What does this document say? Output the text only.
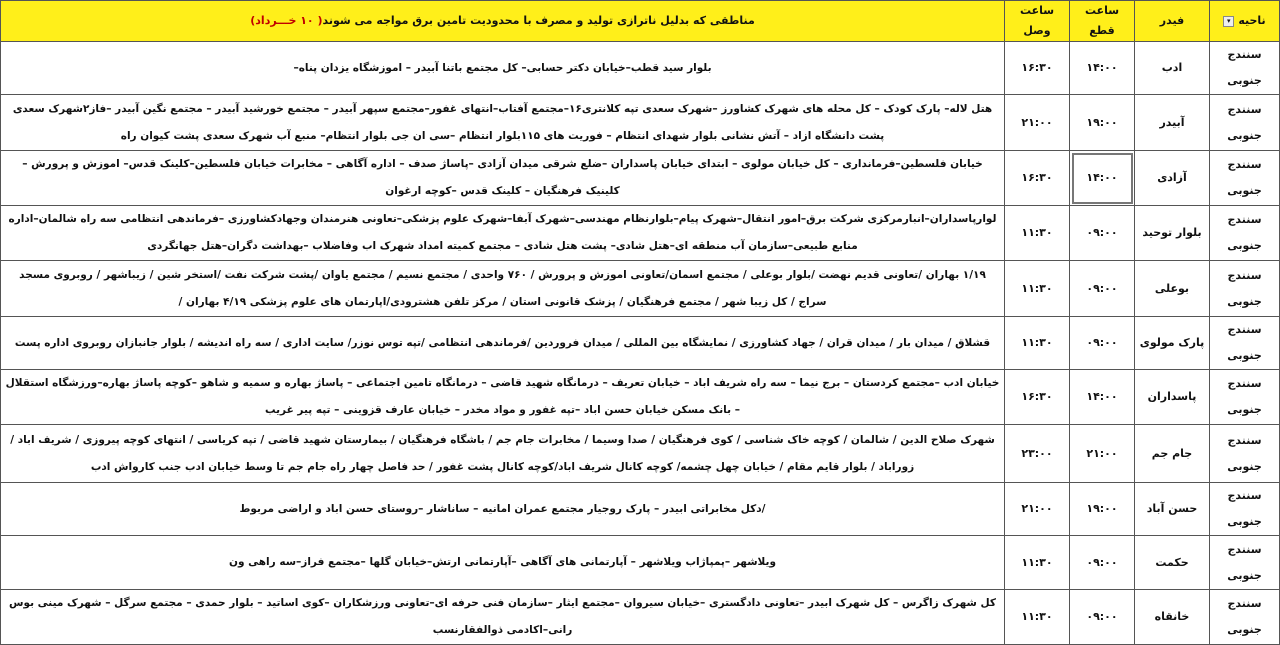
ناحیه▾	فیدر	ساعت قطع	ساعت وصل	مناطقی که بدلیل ناترازی تولید و مصرف با محدودیت تامین برق مواجه می شوند( ۱۰ خـــرداد)
سنندج جنوبی	ادب	۱۴:۰۰	۱۶:۳۰	بلوار سید قطب–خیابان دکتر حسابی– کل مجتمع باتنا آبیدر – اموزشگاه یزدان پناه–
سنندج جنوبی	آبیدر	۱۹:۰۰	۲۱:۰۰	هتل لاله– پارک کودک – کل محله های شهرک کشاورز –شهرک سعدی تپه کلانتری۱۶–مجتمع آفتاب–انتهای غفور–مجتمع سپهر آبیدر – مجتمع خورشید آبیدر – مجتمع نگین آبیدر –فاز۲شهرک سعدی پشت دانشگاه ازاد – آتش نشانی بلوار شهدای انتظام – فوریت های ۱۱۵بلوار انتظام –سی ان جی بلوار انتظام– منبع آب شهرک سعدی پشت کیوان راه
سنندج جنوبی	آزادی	۱۴:۰۰	۱۶:۳۰	خیابان فلسطین–فرمانداری – کل خیابان مولوی – ابتدای خیابان پاسداران –ضلع شرقی میدان آزادی –پاساژ صدف – اداره آگاهی – مخابرات خیابان فلسطین–کلینک قدس– اموزش و پرورش – کلینیک فرهنگیان – کلینک قدس –کوچه ارغوان
سنندج جنوبی	بلوار توحید	۰۹:۰۰	۱۱:۳۰	لوارپاسداران–انبارمرکزی شرکت برق–امور انتقال–شهرک پیام–بلوارنظام مهندسی–شهرک آبفا–شهرک علوم پزشکی–تعاونی هنرمندان وجهادکشاورزی –فرماندهی انتظامی سه راه شالمان–اداره منابع طبیعی–سازمان آب منطقه ای–هتل شادی– پشت هتل شادی – مجتمع کمیته امداد شهرک اب وفاضلاب –بهداشت دگران–هتل جهانگردی
سنندج جنوبی	بوعلی	۰۹:۰۰	۱۱:۳۰	۱/۱۹ بهاران /تعاونی قدیم نهضت /بلوار بوعلی / مجتمع اسمان/تعاونی اموزش و پرورش / ۷۶۰ واحدی / مجتمع نسیم / مجتمع یاوان /پشت شرکت نفت /استخر شین / زیباشهر / روبروی مسجد سراج / کل زیبا شهر / مجتمع فرهنگیان / پزشک قانونی استان / مرکز تلفن هشترودی/اپارتمان های علوم پزشکی ۴/۱۹ بهاران /
سنندج جنوبی	پارک مولوی	۰۹:۰۰	۱۱:۳۰	قشلاق / میدان بار / میدان قران / جهاد کشاورزی / نمایشگاه بین المللی / میدان فروردین /فرماندهی انتظامی /تپه توس نوزر/ سایت اداری / سه راه اندیشه / بلوار جانبازان روبروی اداره پست
سنندج جنوبی	پاسداران	۱۴:۰۰	۱۶:۳۰	خیابان ادب –مجتمع کردستان – برج نیما – سه راه شریف اباد – خیابان تعریف – درمانگاه شهید قاضی – درمانگاه تامین اجتماعی – پاساژ بهاره و سمیه و شاهو –کوچه پاساژ بهاره–ورزشگاه استقلال – بانک مسکن خیابان حسن اباد –تپه غفور و مواد مخدر – خیابان عارف قزوینی – تپه پیر غریب
سنندج جنوبی	جام جم	۲۱:۰۰	۲۳:۰۰	شهرک صلاح الدین / شالمان / کوچه خاک شناسی / کوی فرهنگیان / صدا وسیما / مخابرات جام جم / باشگاه فرهنگیان / بیمارستان شهید قاضی / تپه کریاسی / انتهای کوچه پیروزی / شریف اباد / زوراباد / بلوار قایم مقام / خیابان چهل چشمه/ کوچه کانال شریف اباد/کوچه کانال پشت غفور / حد فاصل چهار راه جام جم تا وسط خیابان ادب جنب کارواش ادب
سنندج جنوبی	حسن آباد	۱۹:۰۰	۲۱:۰۰	/دکل مخابراتی ابیدر – پارک روجیار مجتمع عمران امانیه – ساناشار –روستای حسن اباد و اراضی مربوط
سنندج جنوبی	حکمت	۰۹:۰۰	۱۱:۳۰	ویلاشهر –پمپاژاب ویلاشهر – آپارتمانی های آگاهی –آپارتمانی ارتش–خیابان گلها –مجتمع فراز–سه راهی ون
سنندج جنوبی	خانقاه	۰۹:۰۰	۱۱:۳۰	کل شهرک زاگرس – کل شهرک ابیدر –تعاونی دادگستری –خیابان سیروان –مجتمع ایثار –سازمان فنی حرفه ای–تعاونی ورزشکاران –کوی اساتید – بلوار حمدی – مجتمع سرگل – شهرک مینی بوس رانی–اکادمی ذوالفقارنسب
